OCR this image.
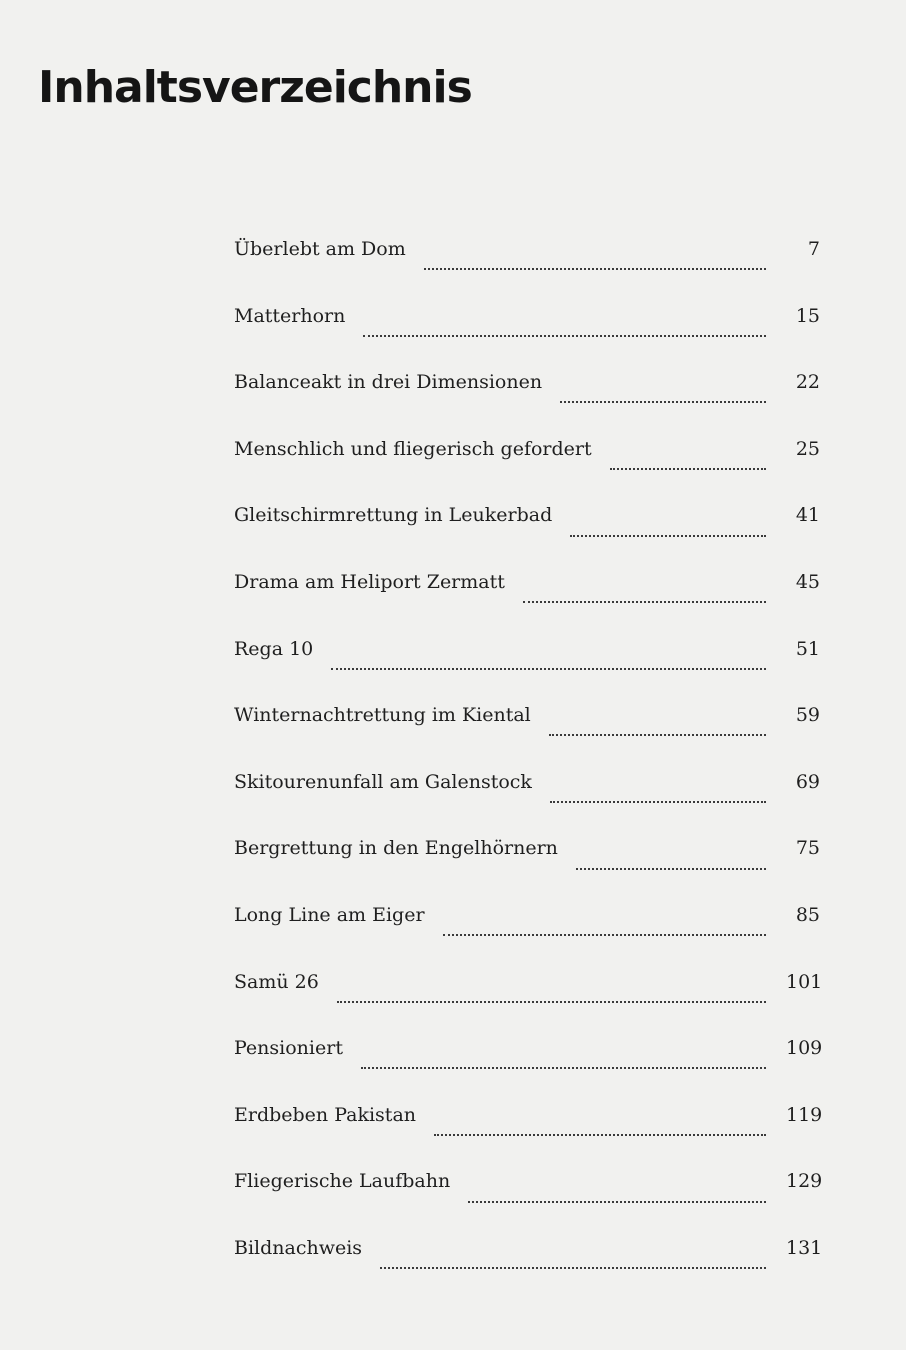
Inhaltsverzeichnis
Überlebt am Dom	7
Matterhorn	15
Balanceakt in drei Dimensionen	22
Menschlich und fliegerisch gefordert	25
Gleitschirmrettung in Leukerbad	41
Drama am Heliport Zermatt	45
Rega 10	51
Winternachtrettung im Kiental	59
Skitourenunfall am Galenstock	69
Bergrettung in den Engelhörnern	75
Long Line am Eiger	85
Samü 26	101
Pensioniert	109
Erdbeben Pakistan	119
Fliegerische Laufbahn	129
Bildnachweis	131
